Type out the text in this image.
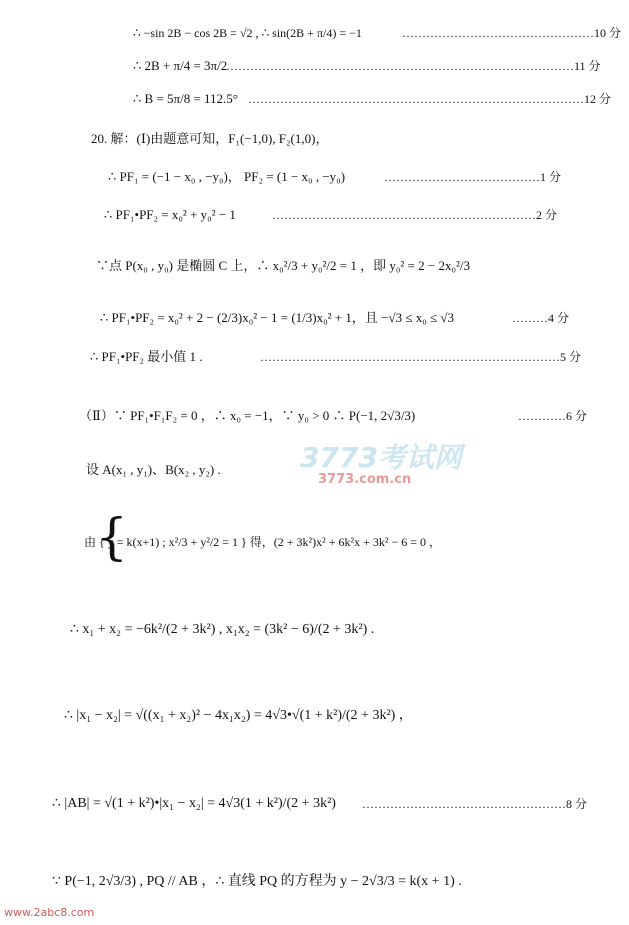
∴ −sin 2B − cos 2B = √2 , ∴ sin(2B + π/4) = −1	…………………………………………10 分
∴ 2B + π/4 = 3π/2
……………………………………………………………………………11 分
∴ B = 5π/8 = 112.5° …………………………………………………………………………12 分
20. 解：(Ⅰ)由题意可知，F₁(−1,0), F₂(1,0)，
∴ PF₁ = (−1 − x₀ , −y₀)， PF₂ = (1 − x₀ , −y₀)	…………………………………1 分
∴ PF₁•PF₂ = x₀² + y₀² − 1	…………………………………………………………2 分
∵点 P(x₀ , y₀) 是椭圆 C 上，∴ x₀²/3 + y₀²/2 = 1 ，即 y₀² = 2 − 2x₀²/3
∴ PF₁•PF₂ = x₀² + 2 − (2/3)x₀² − 1 = (1/3)x₀² + 1，且 −√3 ≤ x₀ ≤ √3	………4 分
∴ PF₁•PF₂ 最小值 1 .	…………………………………………………………………5 分
（Ⅱ）∵ PF₁•F₁F₂ = 0 ，∴ x₀ = −1，∵ y₀ > 0 ∴ P(−1, 2√3/3)	…………6 分
3773考试网
3773.com.cn
设 A(x₁ , y₁)、B(x₂ , y₂) .
{
由 { y = k(x+1) ; x²/3 + y²/2 = 1 } 得，(2 + 3k²)x² + 6k²x + 3k² − 6 = 0 ，
∴ x₁ + x₂ = −6k²/(2 + 3k²) , x₁x₂ = (3k² − 6)/(2 + 3k²) .
∴ |x₁ − x₂| = √((x₁ + x₂)² − 4x₁x₂) = 4√3•√(1 + k²)/(2 + 3k²) ，
∴ |AB| = √(1 + k²)•|x₁ − x₂| = 4√3(1 + k²)/(2 + 3k²) ……………………………………………8 分
∵ P(−1, 2√3/3) , PQ // AB ，∴ 直线 PQ 的方程为 y − 2√3/3 = k(x + 1) .
www.2abc8.com
